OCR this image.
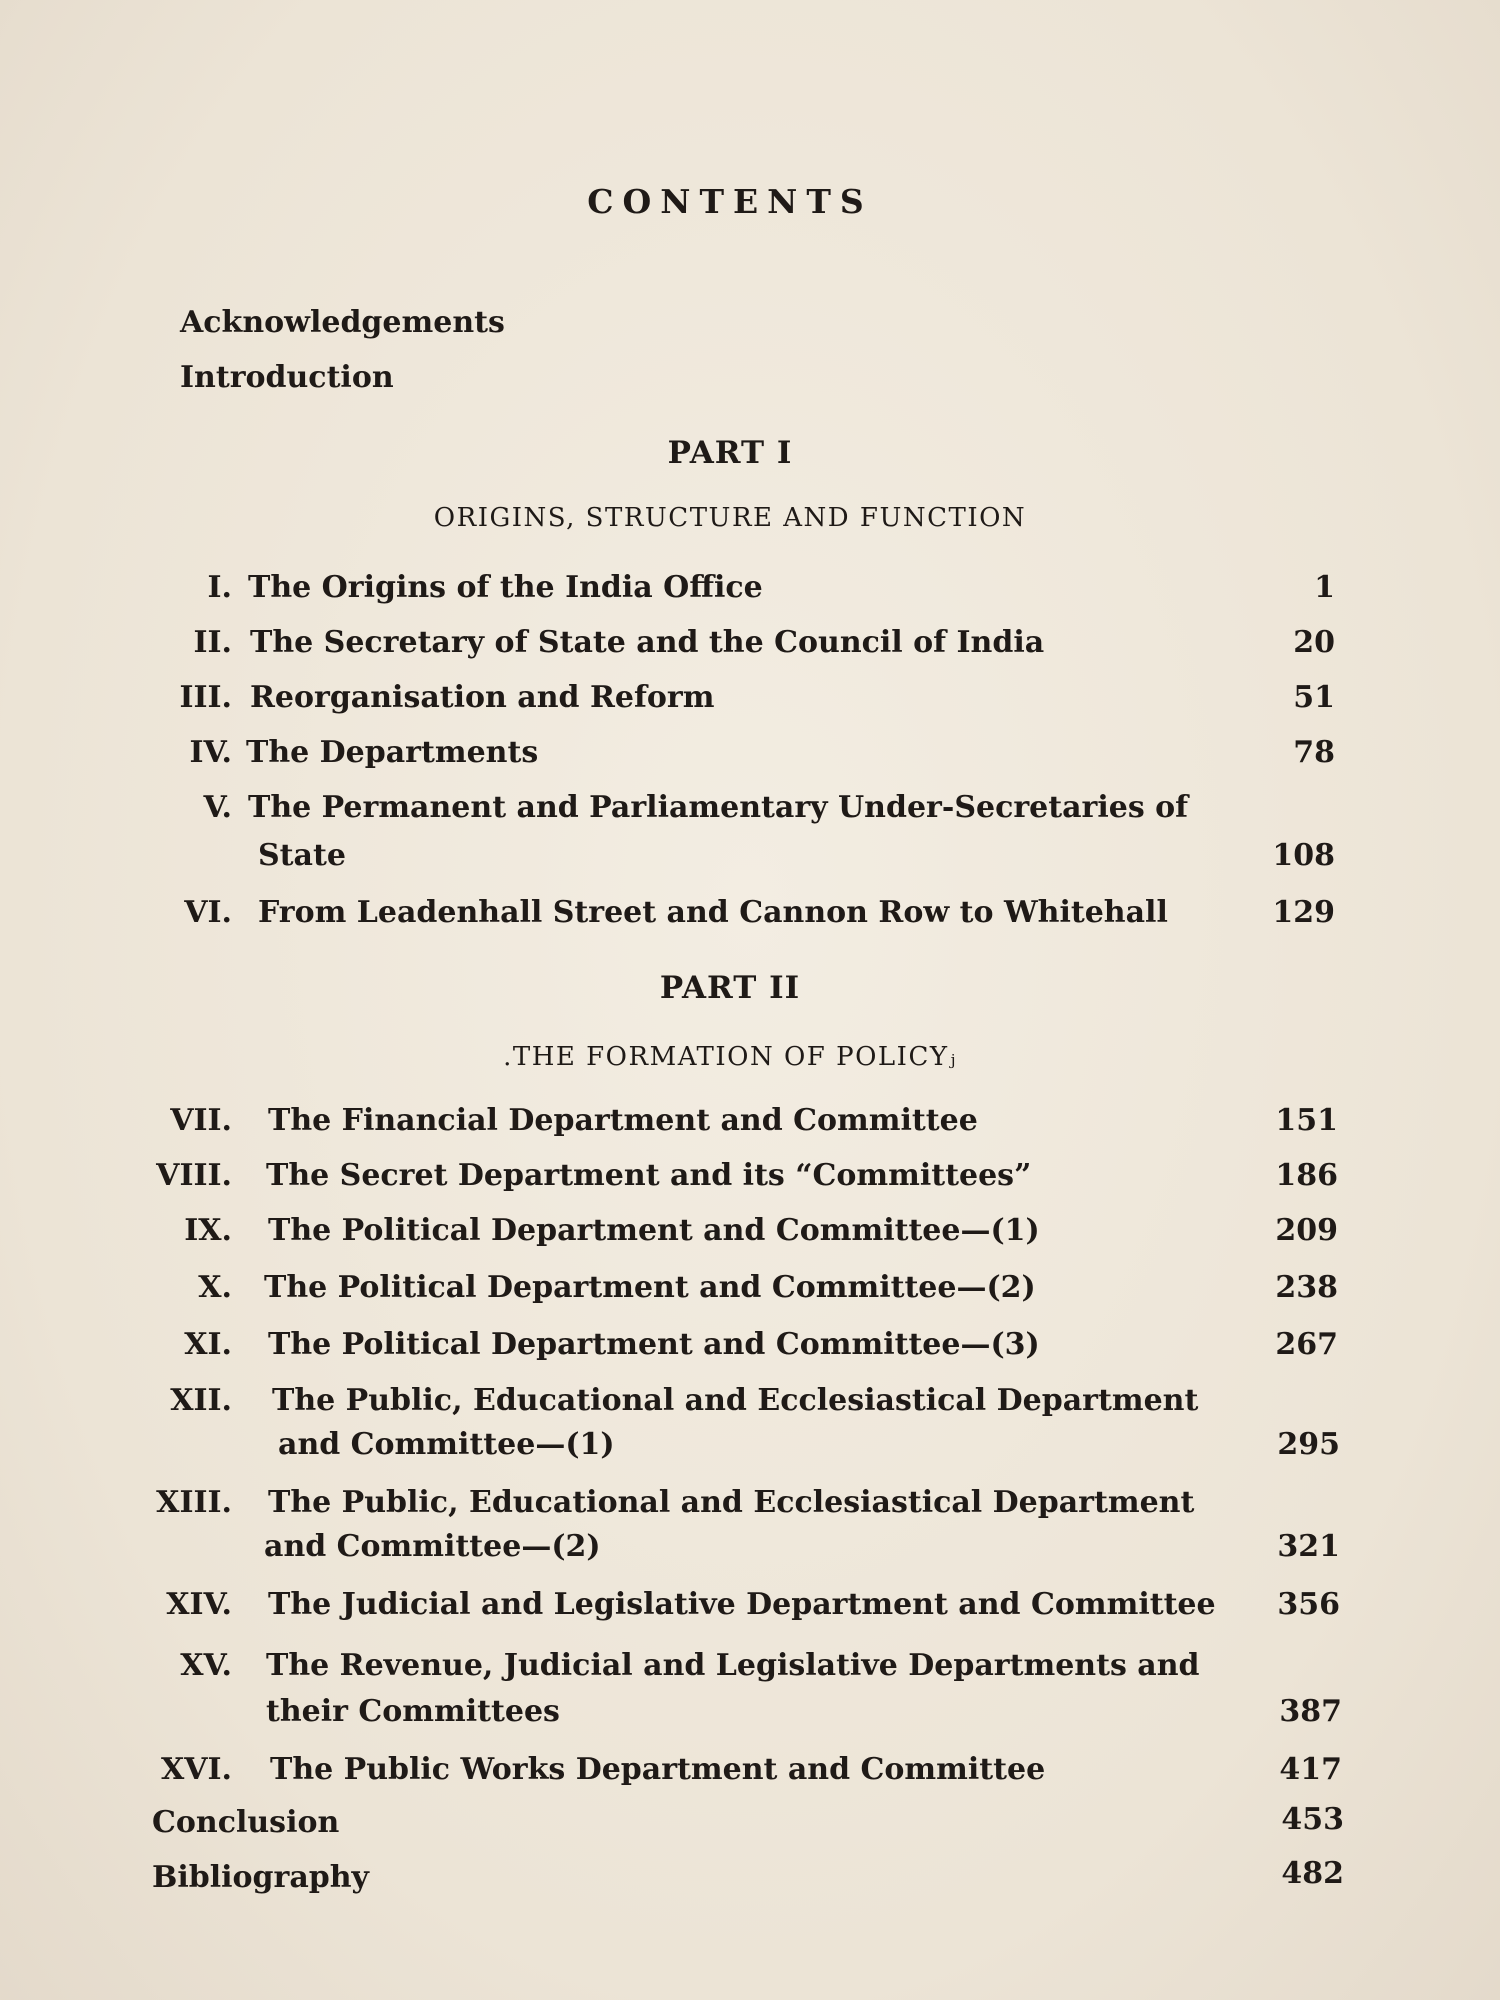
CONTENTS
Acknowledgements
Introduction
PART I
ORIGINS, STRUCTURE AND FUNCTION
I. The Origins of the India Office	1
II. The Secretary of State and the Council of India	20
III. Reorganisation and Reform	51
IV. The Departments	78
V. The Permanent and Parliamentary Under-Secretaries of
State	108
VI. From Leadenhall Street and Cannon Row to Whitehall	129
PART II
.THE FORMATION OF POLICYⱼ
VII. The Financial Department and Committee	151
VIII. The Secret Department and its “Committees”	186
IX. The Political Department and Committee—(1)	209
X. The Political Department and Committee—(2)	238
XI. The Political Department and Committee—(3)	267
XII. The Public, Educational and Ecclesiastical Department
and Committee—(1)	295
XIII. The Public, Educational and Ecclesiastical Department
and Committee—(2)	321
XIV. The Judicial and Legislative Department and Committee 356
XV. The Revenue, Judicial and Legislative Departments and
their Committees	387
XVI. The Public Works Department and Committee	417
Conclusion	453
Bibliography	482
